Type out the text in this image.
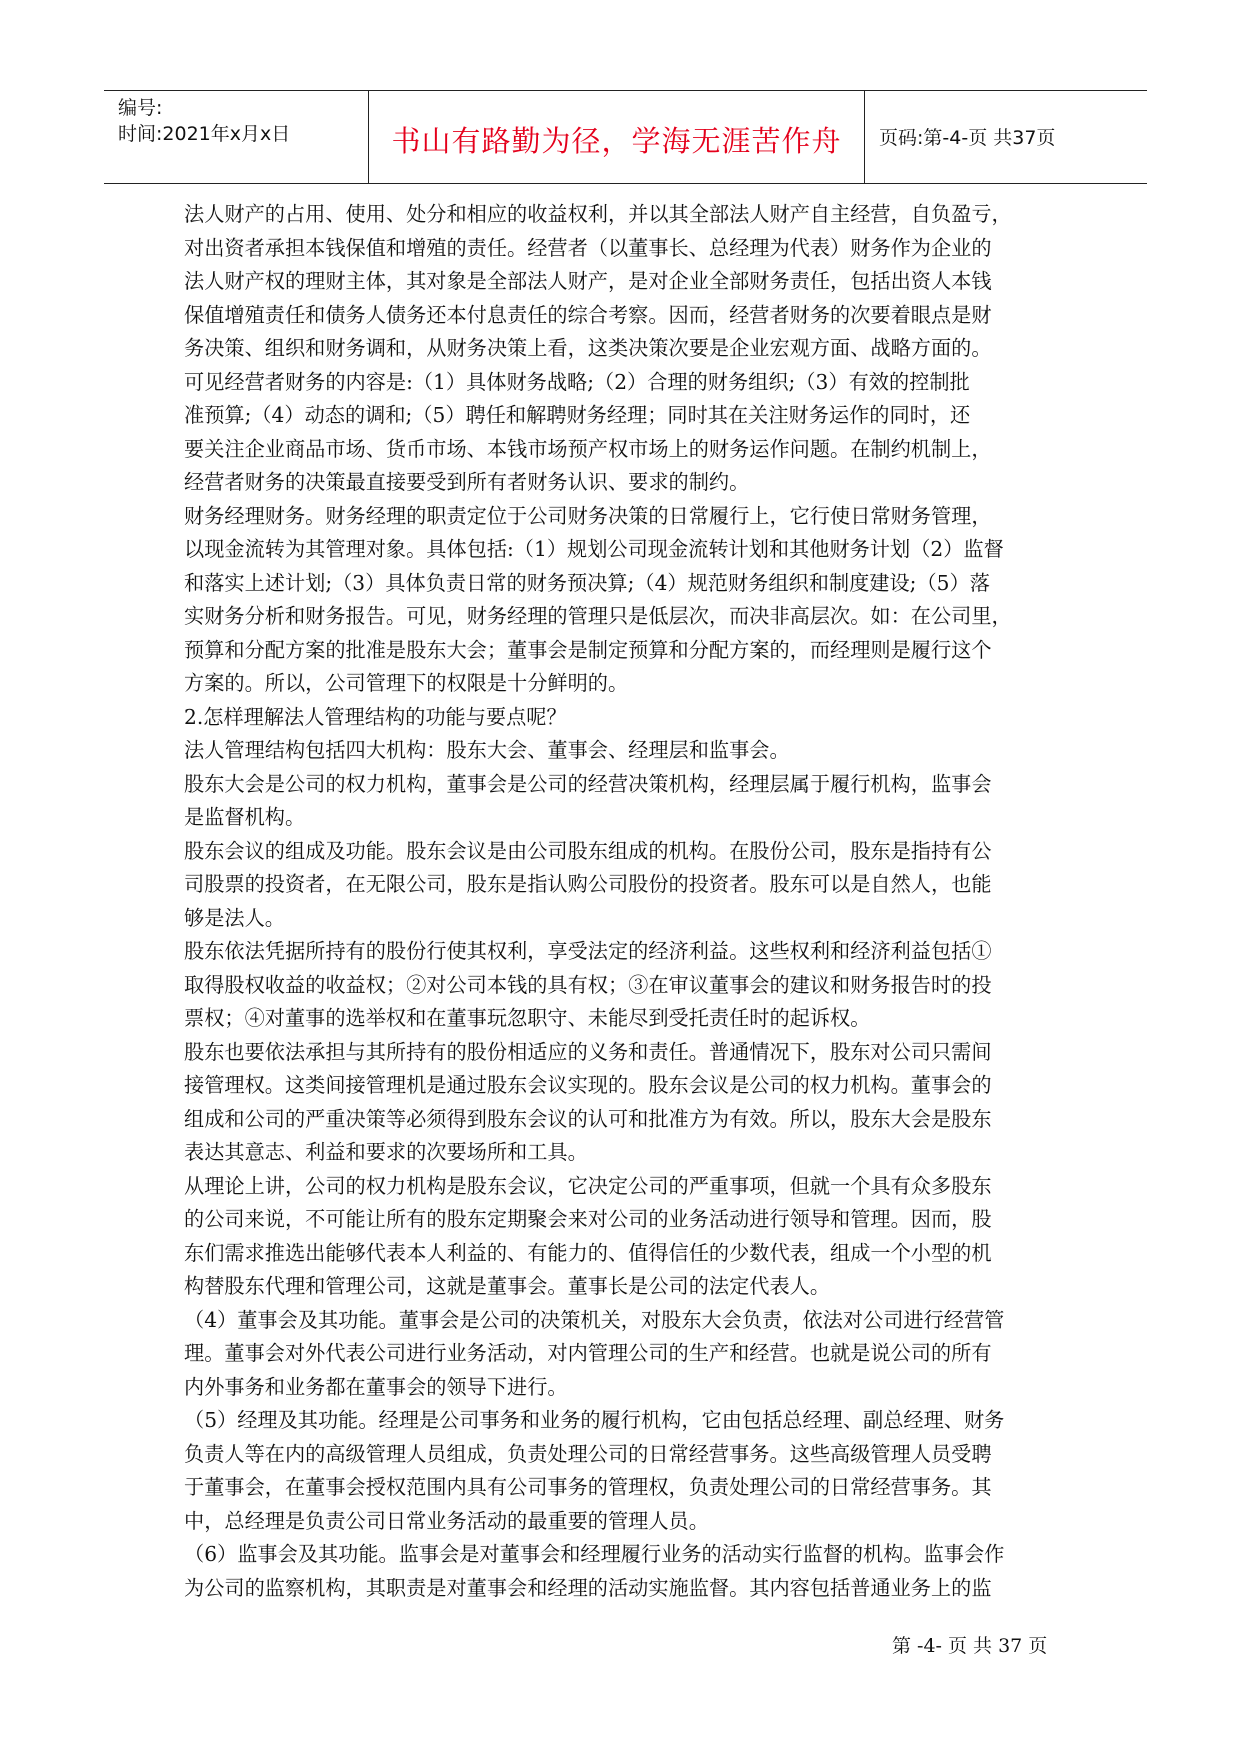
编号:
时间:2021年x月x日	书山有路勤为径，学海无涯苦作舟	页码:第-4-页 共37页

法人财产的占用、使用、处分和相应的收益权利，并以其全部法人财产自主经营，自负盈亏，

对出资者承担本钱保值和增殖的责任。经营者（以董事长、总经理为代表）财务作为企业的

法人财产权的理财主体，其对象是全部法人财产，是对企业全部财务责任，包括出资人本钱

保值增殖责任和债务人债务还本付息责任的综合考察。因而，经营者财务的次要着眼点是财

务决策、组织和财务调和，从财务决策上看，这类决策次要是企业宏观方面、战略方面的。

可见经营者财务的内容是:（1）具体财务战略;（2）合理的财务组织;（3）有效的控制批

准预算;（4）动态的调和;（5）聘任和解聘财务经理；同时其在关注财务运作的同时，还

要关注企业商品市场、货币市场、本钱市场预产权市场上的财务运作问题。在制约机制上，

经营者财务的决策最直接要受到所有者财务认识、要求的制约。

财务经理财务。财务经理的职责定位于公司财务决策的日常履行上，它行使日常财务管理，

以现金流转为其管理对象。具体包括:（1）规划公司现金流转计划和其他财务计划（2）监督

和落实上述计划;（3）具体负责日常的财务预决算;（4）规范财务组织和制度建设;（5）落

实财务分析和财务报告。可见，财务经理的管理只是低层次，而决非高层次。如：在公司里，

预算和分配方案的批准是股东大会；董事会是制定预算和分配方案的，而经理则是履行这个

方案的。所以，公司管理下的权限是十分鲜明的。

2.怎样理解法人管理结构的功能与要点呢？

法人管理结构包括四大机构：股东大会、董事会、经理层和监事会。

股东大会是公司的权力机构，董事会是公司的经营决策机构，经理层属于履行机构，监事会

是监督机构。

股东会议的组成及功能。股东会议是由公司股东组成的机构。在股份公司，股东是指持有公

司股票的投资者，在无限公司，股东是指认购公司股份的投资者。股东可以是自然人，也能

够是法人。

股东依法凭据所持有的股份行使其权利，享受法定的经济利益。这些权利和经济利益包括①

取得股权收益的收益权；②对公司本钱的具有权；③在审议董事会的建议和财务报告时的投

票权；④对董事的选举权和在董事玩忽职守、未能尽到受托责任时的起诉权。

股东也要依法承担与其所持有的股份相适应的义务和责任。普通情况下，股东对公司只需间

接管理权。这类间接管理机是通过股东会议实现的。股东会议是公司的权力机构。董事会的

组成和公司的严重决策等必须得到股东会议的认可和批准方为有效。所以，股东大会是股东

表达其意志、利益和要求的次要场所和工具。

从理论上讲，公司的权力机构是股东会议，它决定公司的严重事项，但就一个具有众多股东

的公司来说，不可能让所有的股东定期聚会来对公司的业务活动进行领导和管理。因而，股

东们需求推选出能够代表本人利益的、有能力的、值得信任的少数代表，组成一个小型的机

构替股东代理和管理公司，这就是董事会。董事长是公司的法定代表人。

（4）董事会及其功能。董事会是公司的决策机关，对股东大会负责，依法对公司进行经营管

理。董事会对外代表公司进行业务活动，对内管理公司的生产和经营。也就是说公司的所有

内外事务和业务都在董事会的领导下进行。

（5）经理及其功能。经理是公司事务和业务的履行机构，它由包括总经理、副总经理、财务

负责人等在内的高级管理人员组成，负责处理公司的日常经营事务。这些高级管理人员受聘

于董事会，在董事会授权范围内具有公司事务的管理权，负责处理公司的日常经营事务。其

中，总经理是负责公司日常业务活动的最重要的管理人员。

（6）监事会及其功能。监事会是对董事会和经理履行业务的活动实行监督的机构。监事会作

为公司的监察机构，其职责是对董事会和经理的活动实施监督。其内容包括普通业务上的监

第 -4- 页 共 37 页
